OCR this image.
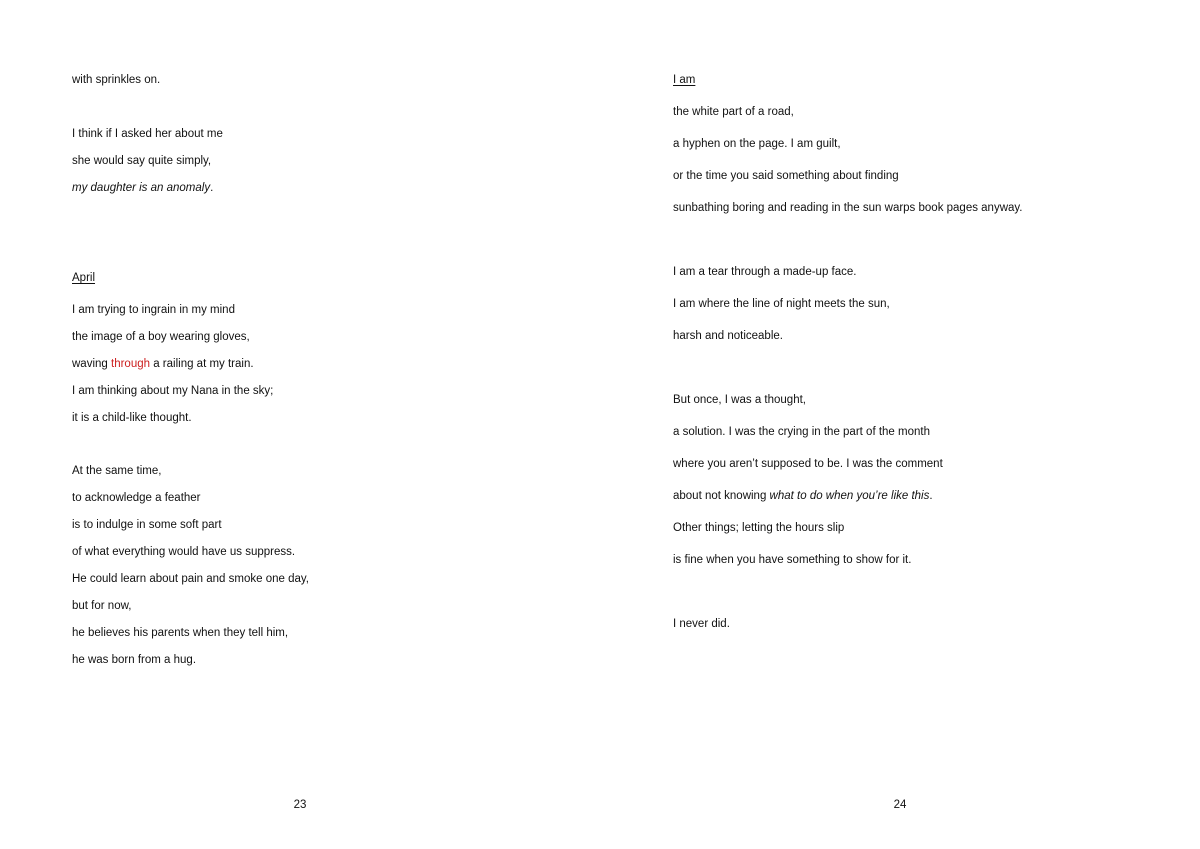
with sprinkles on.
I think if I asked her about me
she would say quite simply,
my daughter is an anomaly.
April
I am trying to ingrain in my mind
the image of a boy wearing gloves,
waving through a railing at my train.
I am thinking about my Nana in the sky;
it is a child-like thought.
At the same time,
to acknowledge a feather
is to indulge in some soft part
of what everything would have us suppress.
He could learn about pain and smoke one day,
but for now,
he believes his parents when they tell him,
he was born from a hug.
23
I am
the white part of a road,
a hyphen on the page. I am guilt,
or the time you said something about finding
sunbathing boring and reading in the sun warps book pages anyway.
I am a tear through a made-up face.
I am where the line of night meets the sun,
harsh and noticeable.
But once, I was a thought,
a solution. I was the crying in the part of the month
where you aren’t supposed to be. I was the comment
about not knowing what to do when you’re like this.
Other things; letting the hours slip
is fine when you have something to show for it.
I never did.
24
